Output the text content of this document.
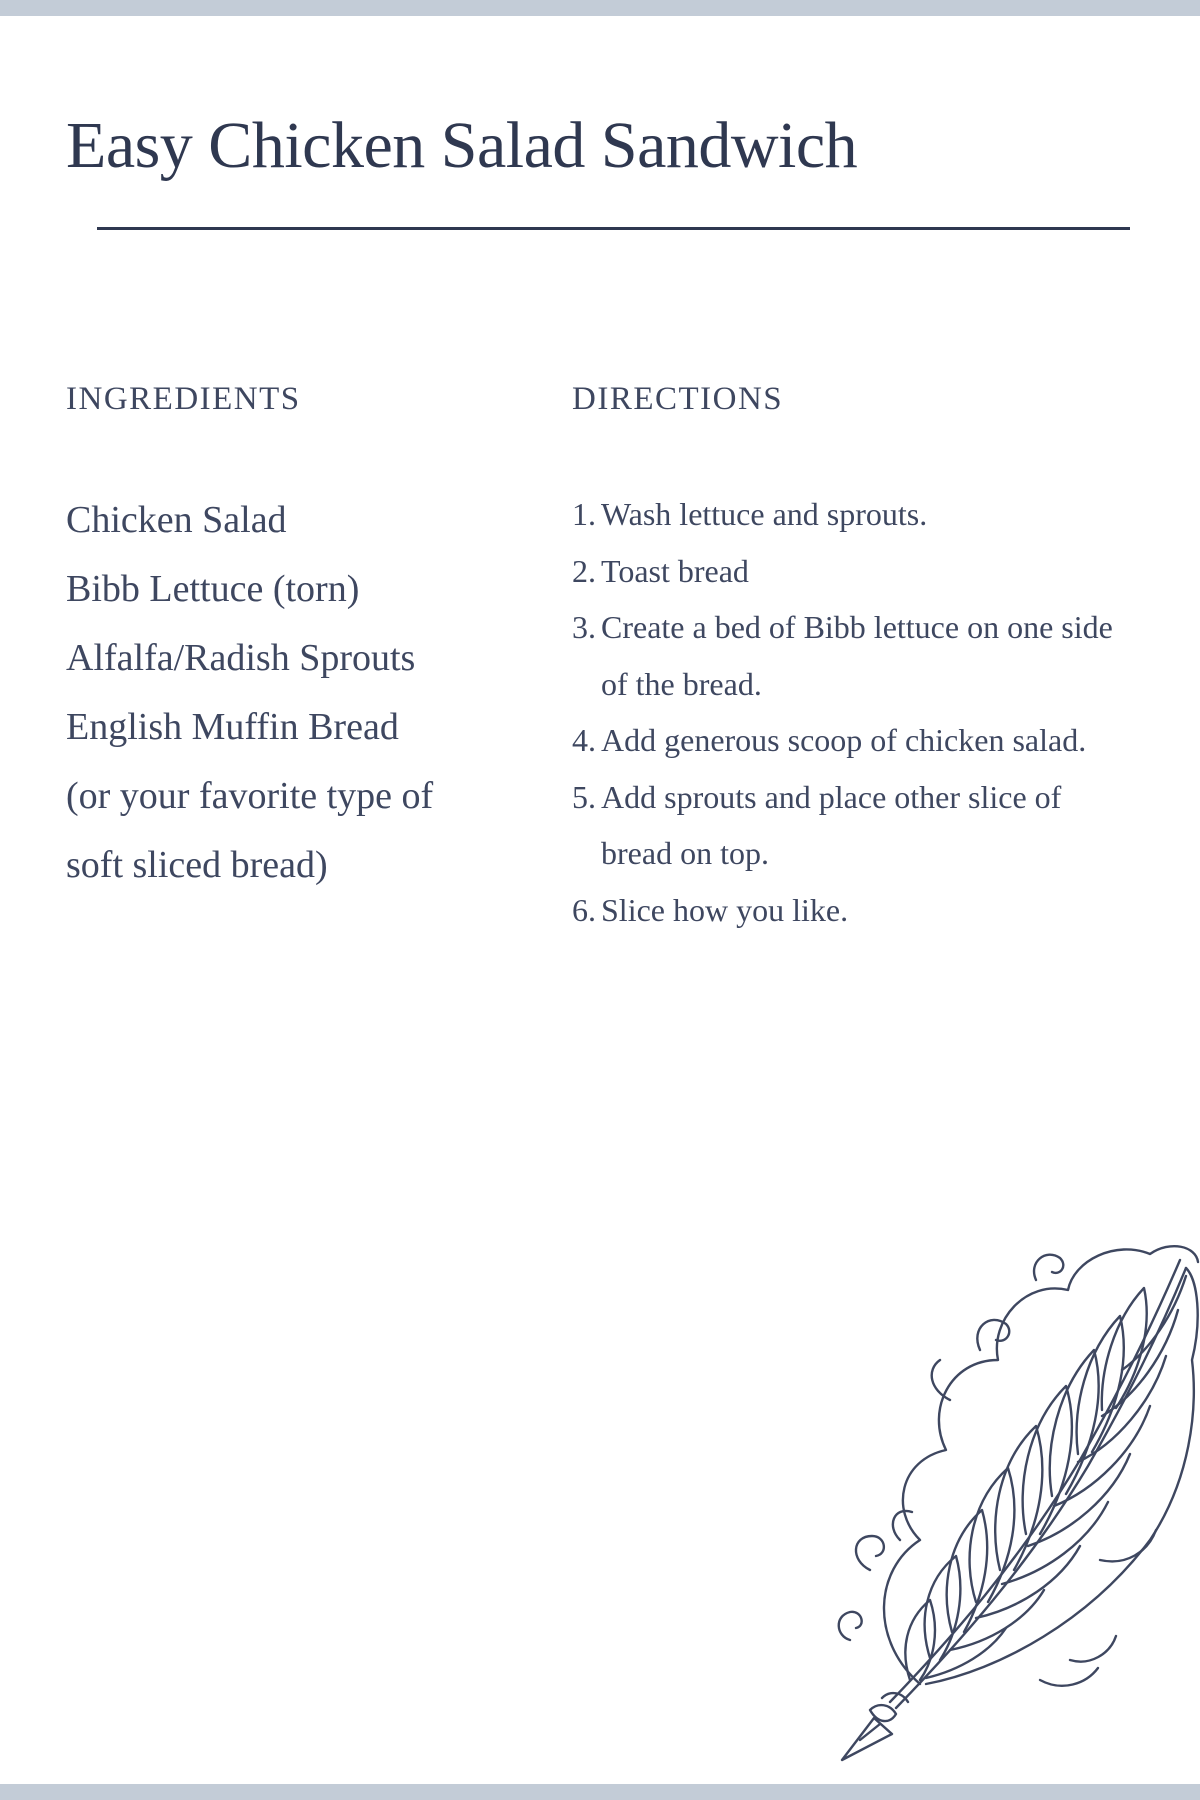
Easy Chicken Salad Sandwich
INGREDIENTS	DIRECTIONS
Chicken Salad
Bibb Lettuce (torn)
Alfalfa/Radish Sprouts
English Muffin Bread
(or your favorite type of
soft sliced bread)
1. Wash lettuce and sprouts.
2. Toast bread
3. Create a bed of Bibb lettuce on one side of the bread.
4. Add generous scoop of chicken salad.
5. Add sprouts and place other slice of bread on top.
6. Slice how you like.
